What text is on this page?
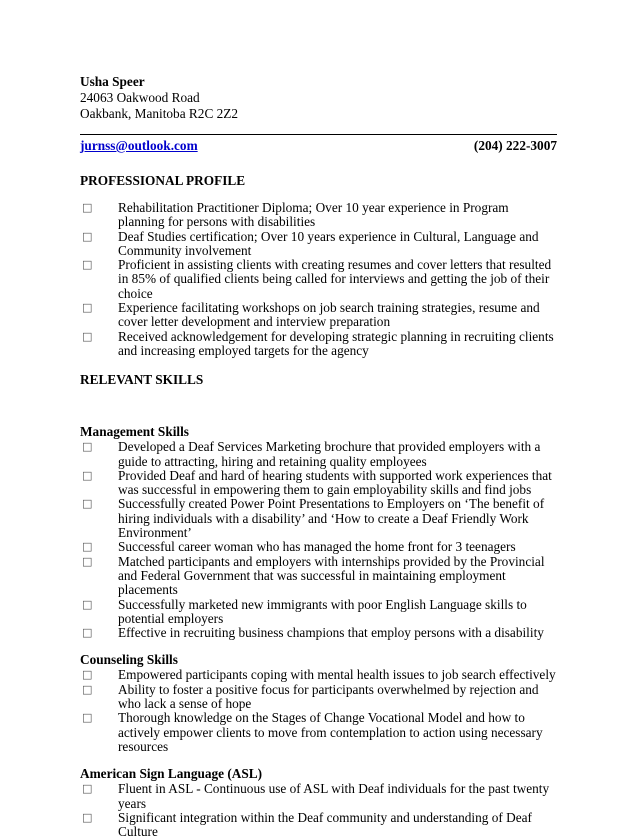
Usha Speer
24063 Oakwood Road
Oakbank, Manitoba R2C 2Z2
jurnss@outlook.com	(204) 222-3007
PROFESSIONAL PROFILE
□ Rehabilitation Practitioner Diploma; Over 10 year experience in Program planning for persons with disabilities
□ Deaf Studies certification; Over 10 years experience in Cultural, Language and Community involvement
□ Proficient in assisting clients with creating resumes and cover letters that resulted in 85% of qualified clients being called for interviews and getting the job of their choice
□ Experience facilitating workshops on job search training strategies, resume and cover letter development and interview preparation
□ Received acknowledgement for developing strategic planning in recruiting clients and increasing employed targets for the agency
RELEVANT SKILLS
Management Skills
□ Developed a Deaf Services Marketing brochure that provided employers with a guide to attracting, hiring and retaining quality employees
□ Provided Deaf and hard of hearing students with supported work experiences that was successful in empowering them to gain employability skills and find jobs
□ Successfully created Power Point Presentations to Employers on ‘The benefit of hiring individuals with a disability’ and ‘How to create a Deaf Friendly Work Environment’
□ Successful career woman who has managed the home front for 3 teenagers
□ Matched participants and employers with internships provided by the Provincial and Federal Government that was successful in maintaining employment placements
□ Successfully marketed new immigrants with poor English Language skills to potential employers
□ Effective in recruiting business champions that employ persons with a disability
Counseling Skills
□ Empowered participants coping with mental health issues to job search effectively
□ Ability to foster a positive focus for participants overwhelmed by rejection and who lack a sense of hope
□ Thorough knowledge on the Stages of Change Vocational Model and how to actively empower clients to move from contemplation to action using necessary resources
American Sign Language (ASL)
□ Fluent in ASL - Continuous use of ASL with Deaf individuals for the past twenty years
□ Significant integration within the Deaf community and understanding of Deaf Culture
